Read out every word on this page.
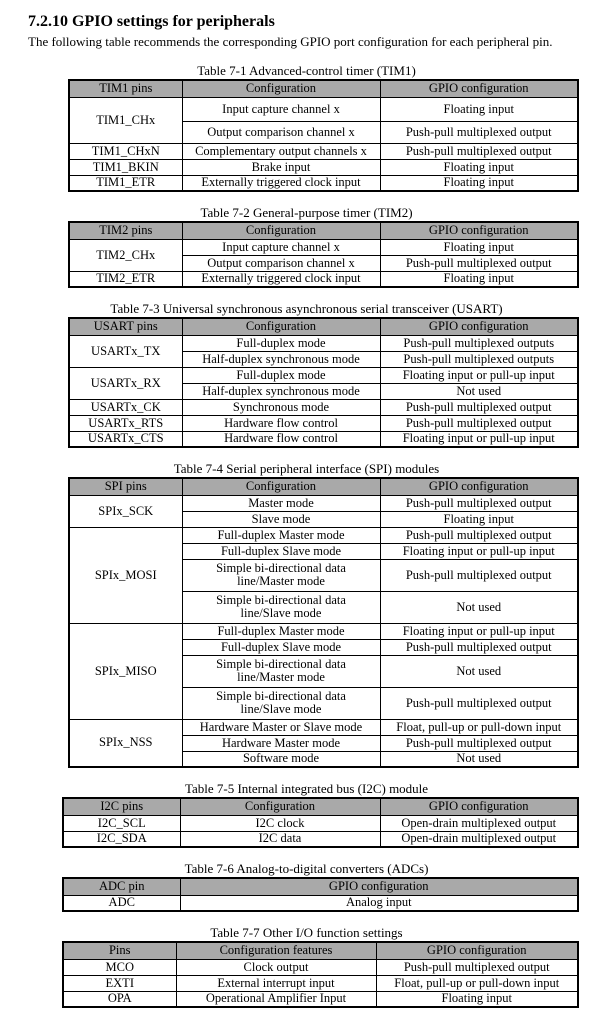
7.2.10 GPIO settings for peripherals
The following table recommends the corresponding GPIO port configuration for each peripheral pin.
Table 7-1 Advanced-control timer (TIM1)
TIM1 pins	Configuration	GPIO configuration
TIM1_CHx	Input capture channel x	Floating input
	Output comparison channel x	Push-pull multiplexed output
TIM1_CHxN	Complementary output channels x	Push-pull multiplexed output
TIM1_BKIN	Brake input	Floating input
TIM1_ETR	Externally triggered clock input	Floating input
Table 7-2 General-purpose timer (TIM2)
TIM2 pins	Configuration	GPIO configuration
TIM2_CHx	Input capture channel x	Floating input
	Output comparison channel x	Push-pull multiplexed output
TIM2_ETR	Externally triggered clock input	Floating input
Table 7-3 Universal synchronous asynchronous serial transceiver (USART)
USART pins	Configuration	GPIO configuration
USARTx_TX	Full-duplex mode	Push-pull multiplexed outputs
	Half-duplex synchronous mode	Push-pull multiplexed outputs
USARTx_RX	Full-duplex mode	Floating input or pull-up input
	Half-duplex synchronous mode	Not used
USARTx_CK	Synchronous mode	Push-pull multiplexed output
USARTx_RTS	Hardware flow control	Push-pull multiplexed output
USARTx_CTS	Hardware flow control	Floating input or pull-up input
Table 7-4 Serial peripheral interface (SPI) modules
SPI pins	Configuration	GPIO configuration
SPIx_SCK	Master mode	Push-pull multiplexed output
	Slave mode	Floating input
SPIx_MOSI	Full-duplex Master mode	Push-pull multiplexed output
	Full-duplex Slave mode	Floating input or pull-up input
	Simple bi-directional data line/Master mode	Push-pull multiplexed output
	Simple bi-directional data line/Slave mode	Not used
SPIx_MISO	Full-duplex Master mode	Floating input or pull-up input
	Full-duplex Slave mode	Push-pull multiplexed output
	Simple bi-directional data line/Master mode	Not used
	Simple bi-directional data line/Slave mode	Push-pull multiplexed output
SPIx_NSS	Hardware Master or Slave mode	Float, pull-up or pull-down input
	Hardware Master mode	Push-pull multiplexed output
	Software mode	Not used
Table 7-5 Internal integrated bus (I2C) module
I2C pins	Configuration	GPIO configuration
I2C_SCL	I2C clock	Open-drain multiplexed output
I2C_SDA	I2C data	Open-drain multiplexed output
Table 7-6 Analog-to-digital converters (ADCs)
ADC pin	GPIO configuration
ADC	Analog input
Table 7-7 Other I/O function settings
Pins	Configuration features	GPIO configuration
MCO	Clock output	Push-pull multiplexed output
EXTI	External interrupt input	Float, pull-up or pull-down input
OPA	Operational Amplifier Input	Floating input
